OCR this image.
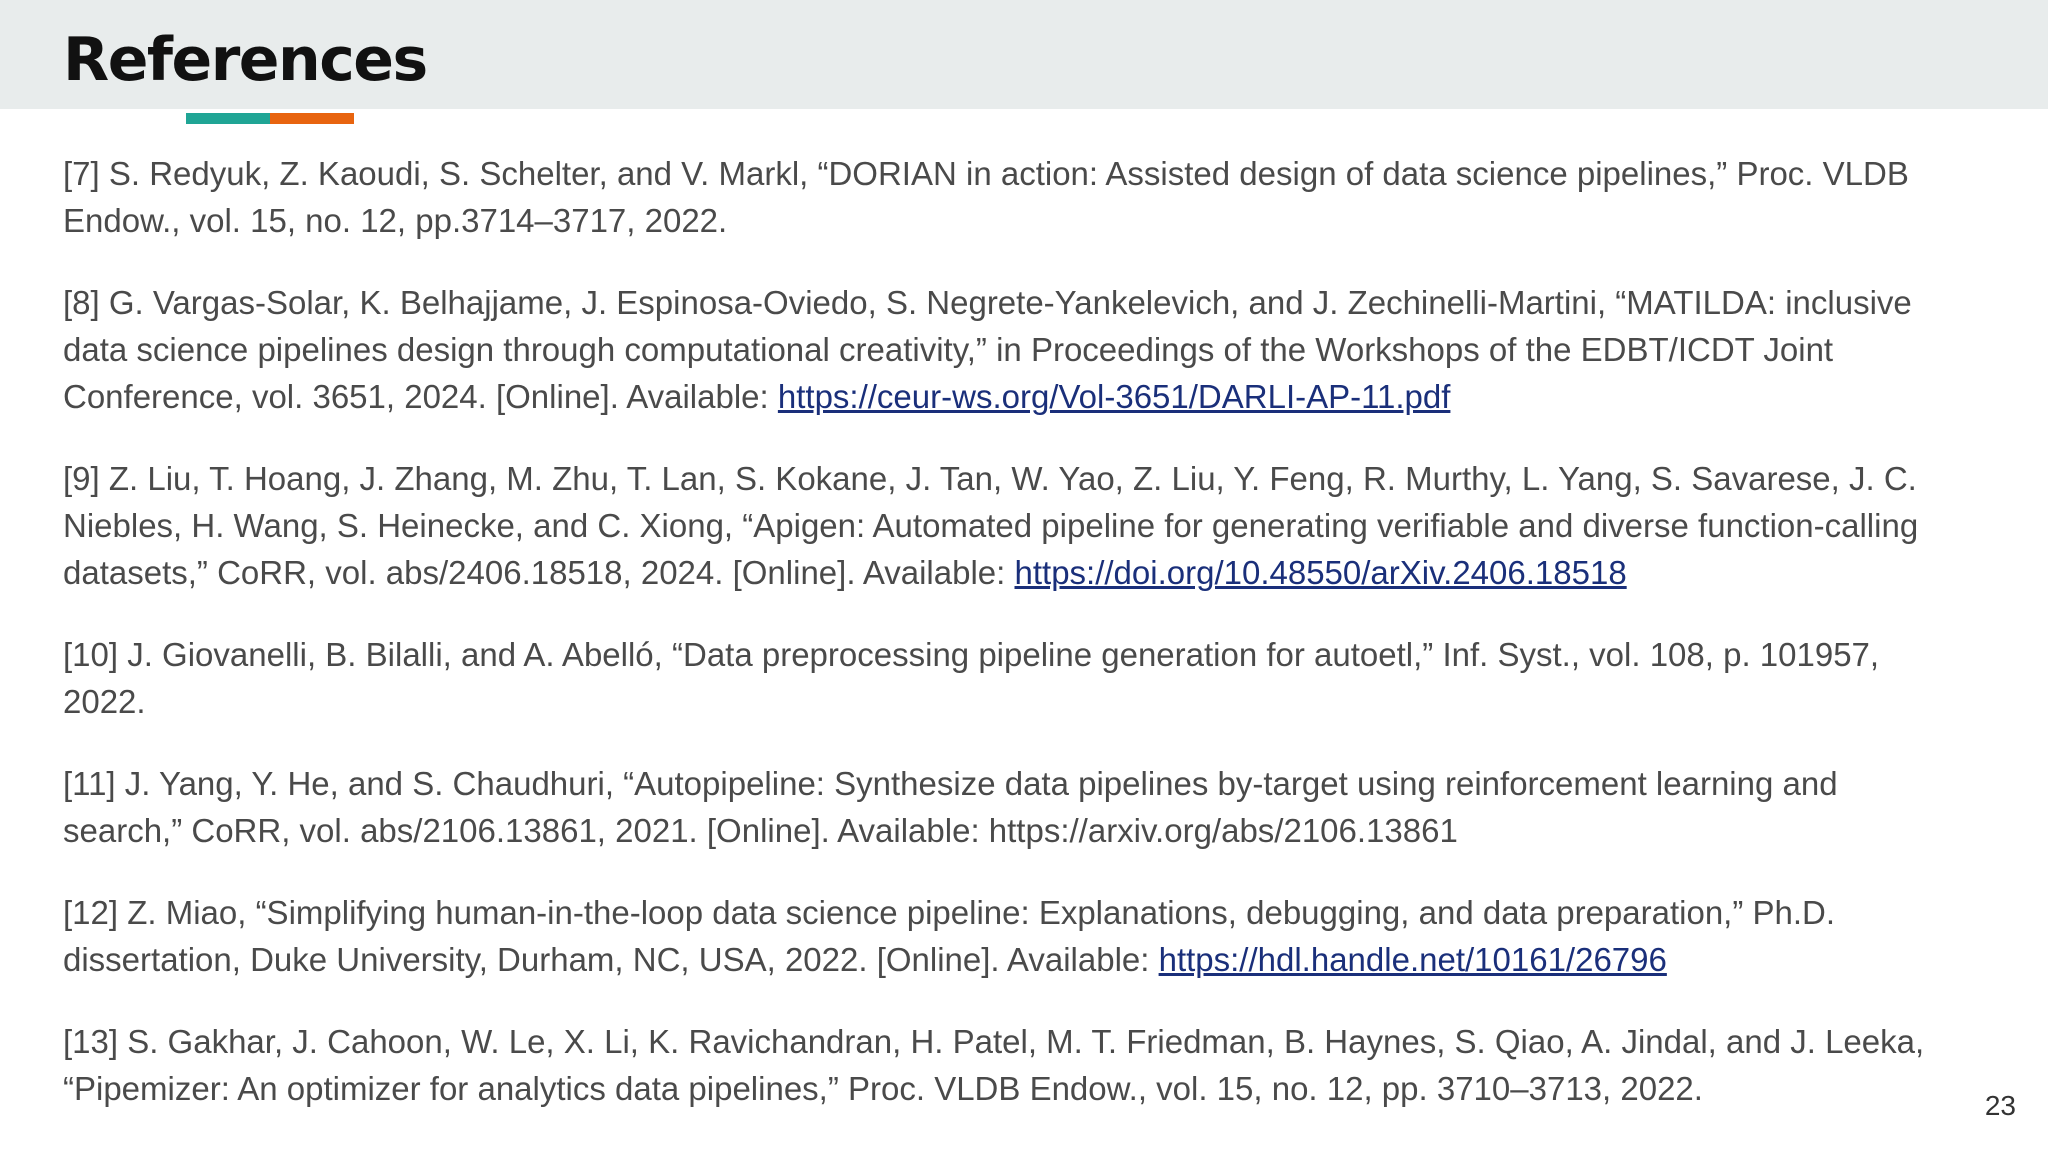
References
[7] S. Redyuk, Z. Kaoudi, S. Schelter, and V. Markl, “DORIAN in action: Assisted design of data science pipelines,” Proc. VLDB Endow., vol. 15, no. 12, pp.3714–3717, 2022.
[8] G. Vargas-Solar, K. Belhajjame, J. Espinosa-Oviedo, S. Negrete-Yankelevich, and J. Zechinelli-Martini, “MATILDA: inclusive data science pipelines design through computational creativity,” in Proceedings of the Workshops of the EDBT/ICDT Joint Conference, vol. 3651, 2024. [Online]. Available: https://ceur-ws.org/Vol-3651/DARLI-AP-11.pdf
[9] Z. Liu, T. Hoang, J. Zhang, M. Zhu, T. Lan, S. Kokane, J. Tan, W. Yao, Z. Liu, Y. Feng, R. Murthy, L. Yang, S. Savarese, J. C. Niebles, H. Wang, S. Heinecke, and C. Xiong, “Apigen: Automated pipeline for generating verifiable and diverse function-calling datasets,” CoRR, vol. abs/2406.18518, 2024. [Online]. Available: https://doi.org/10.48550/arXiv.2406.18518
[10] J. Giovanelli, B. Bilalli, and A. Abelló, “Data preprocessing pipeline generation for autoetl,” Inf. Syst., vol. 108, p. 101957, 2022.
[11] J. Yang, Y. He, and S. Chaudhuri, “Autopipeline: Synthesize data pipelines by-target using reinforcement learning and search,” CoRR, vol. abs/2106.13861, 2021. [Online]. Available: https://arxiv.org/abs/2106.13861
[12] Z. Miao, “Simplifying human-in-the-loop data science pipeline: Explanations, debugging, and data preparation,” Ph.D. dissertation, Duke University, Durham, NC, USA, 2022. [Online]. Available: https://hdl.handle.net/10161/26796
[13] S. Gakhar, J. Cahoon, W. Le, X. Li, K. Ravichandran, H. Patel, M. T. Friedman, B. Haynes, S. Qiao, A. Jindal, and J. Leeka, “Pipemizer: An optimizer for analytics data pipelines,” Proc. VLDB Endow., vol. 15, no. 12, pp. 3710–3713, 2022.	23
